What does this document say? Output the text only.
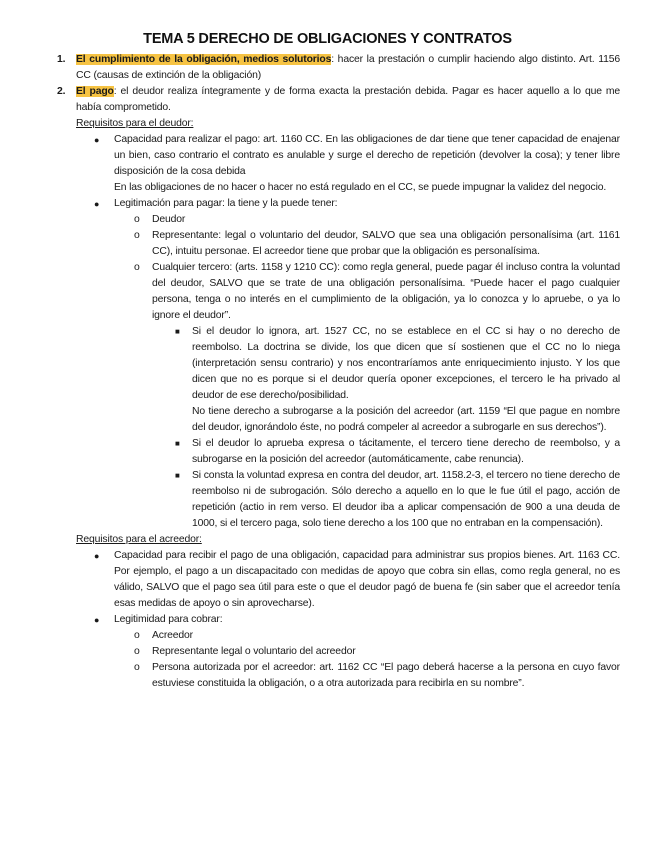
TEMA 5 DERECHO DE OBLIGACIONES Y CONTRATOS
1. El cumplimiento de la obligación, medios solutorios: hacer la prestación o cumplir haciendo algo distinto. Art. 1156 CC (causas de extinción de la obligación)
2. El pago: el deudor realiza íntegramente y de forma exacta la prestación debida. Pagar es hacer aquello a lo que me había comprometido.
Requisitos para el deudor:
● Capacidad para realizar el pago: art. 1160 CC. En las obligaciones de dar tiene que tener capacidad de enajenar un bien, caso contrario el contrato es anulable y surge el derecho de repetición (devolver la cosa); y tener libre disposición de la cosa debida
En las obligaciones de no hacer o hacer no está regulado en el CC, se puede impugnar la validez del negocio.
● Legitimación para pagar: la tiene y la puede tener:
o Deudor
o Representante: legal o voluntario del deudor, SALVO que sea una obligación personalísima (art. 1161 CC), intuitu personae. El acreedor tiene que probar que la obligación es personalísima.
o Cualquier tercero: (arts. 1158 y 1210 CC): como regla general, puede pagar él incluso contra la voluntad del deudor, SALVO que se trate de una obligación personalísima. “Puede hacer el pago cualquier persona, tenga o no interés en el cumplimiento de la obligación, ya lo conozca y lo apruebe, o ya lo ignore el deudor”.
■ Si el deudor lo ignora, art. 1527 CC, no se establece en el CC si hay o no derecho de reembolso. La doctrina se divide, los que dicen que sí sostienen que el CC no lo niega (interpretación sensu contrario) y nos encontraríamos ante enriquecimiento injusto. Y los que dicen que no es porque si el deudor quería oponer excepciones, el tercero le ha privado al deudor de ese derecho/posibilidad.
No tiene derecho a subrogarse a la posición del acreedor (art. 1159 “El que pague en nombre del deudor, ignorándolo éste, no podrá compeler al acreedor a subrogarle en sus derechos”).
■ Si el deudor lo aprueba expresa o tácitamente, el tercero tiene derecho de reembolso, y a subrogarse en la posición del acreedor (automáticamente, cabe renuncia).
■ Si consta la voluntad expresa en contra del deudor, art. 1158.2-3, el tercero no tiene derecho de reembolso ni de subrogación. Sólo derecho a aquello en lo que le fue útil el pago, acción de repetición (actio in rem verso. El deudor iba a aplicar compensación de 900 a una deuda de 1000, si el tercero paga, solo tiene derecho a los 100 que no entraban en la compensación).
Requisitos para el acreedor:
● Capacidad para recibir el pago de una obligación, capacidad para administrar sus propios bienes. Art. 1163 CC. Por ejemplo, el pago a un discapacitado con medidas de apoyo que cobra sin ellas, como regla general, no es válido, SALVO que el pago sea útil para este o que el deudor pagó de buena fe (sin saber que el acreedor tenía esas medidas de apoyo o sin aprovecharse).
● Legitimidad para cobrar:
o Acreedor
o Representante legal o voluntario del acreedor
o Persona autorizada por el acreedor: art. 1162 CC “El pago deberá hacerse a la persona en cuyo favor estuviese constituida la obligación, o a otra autorizada para recibirla en su nombre”.
